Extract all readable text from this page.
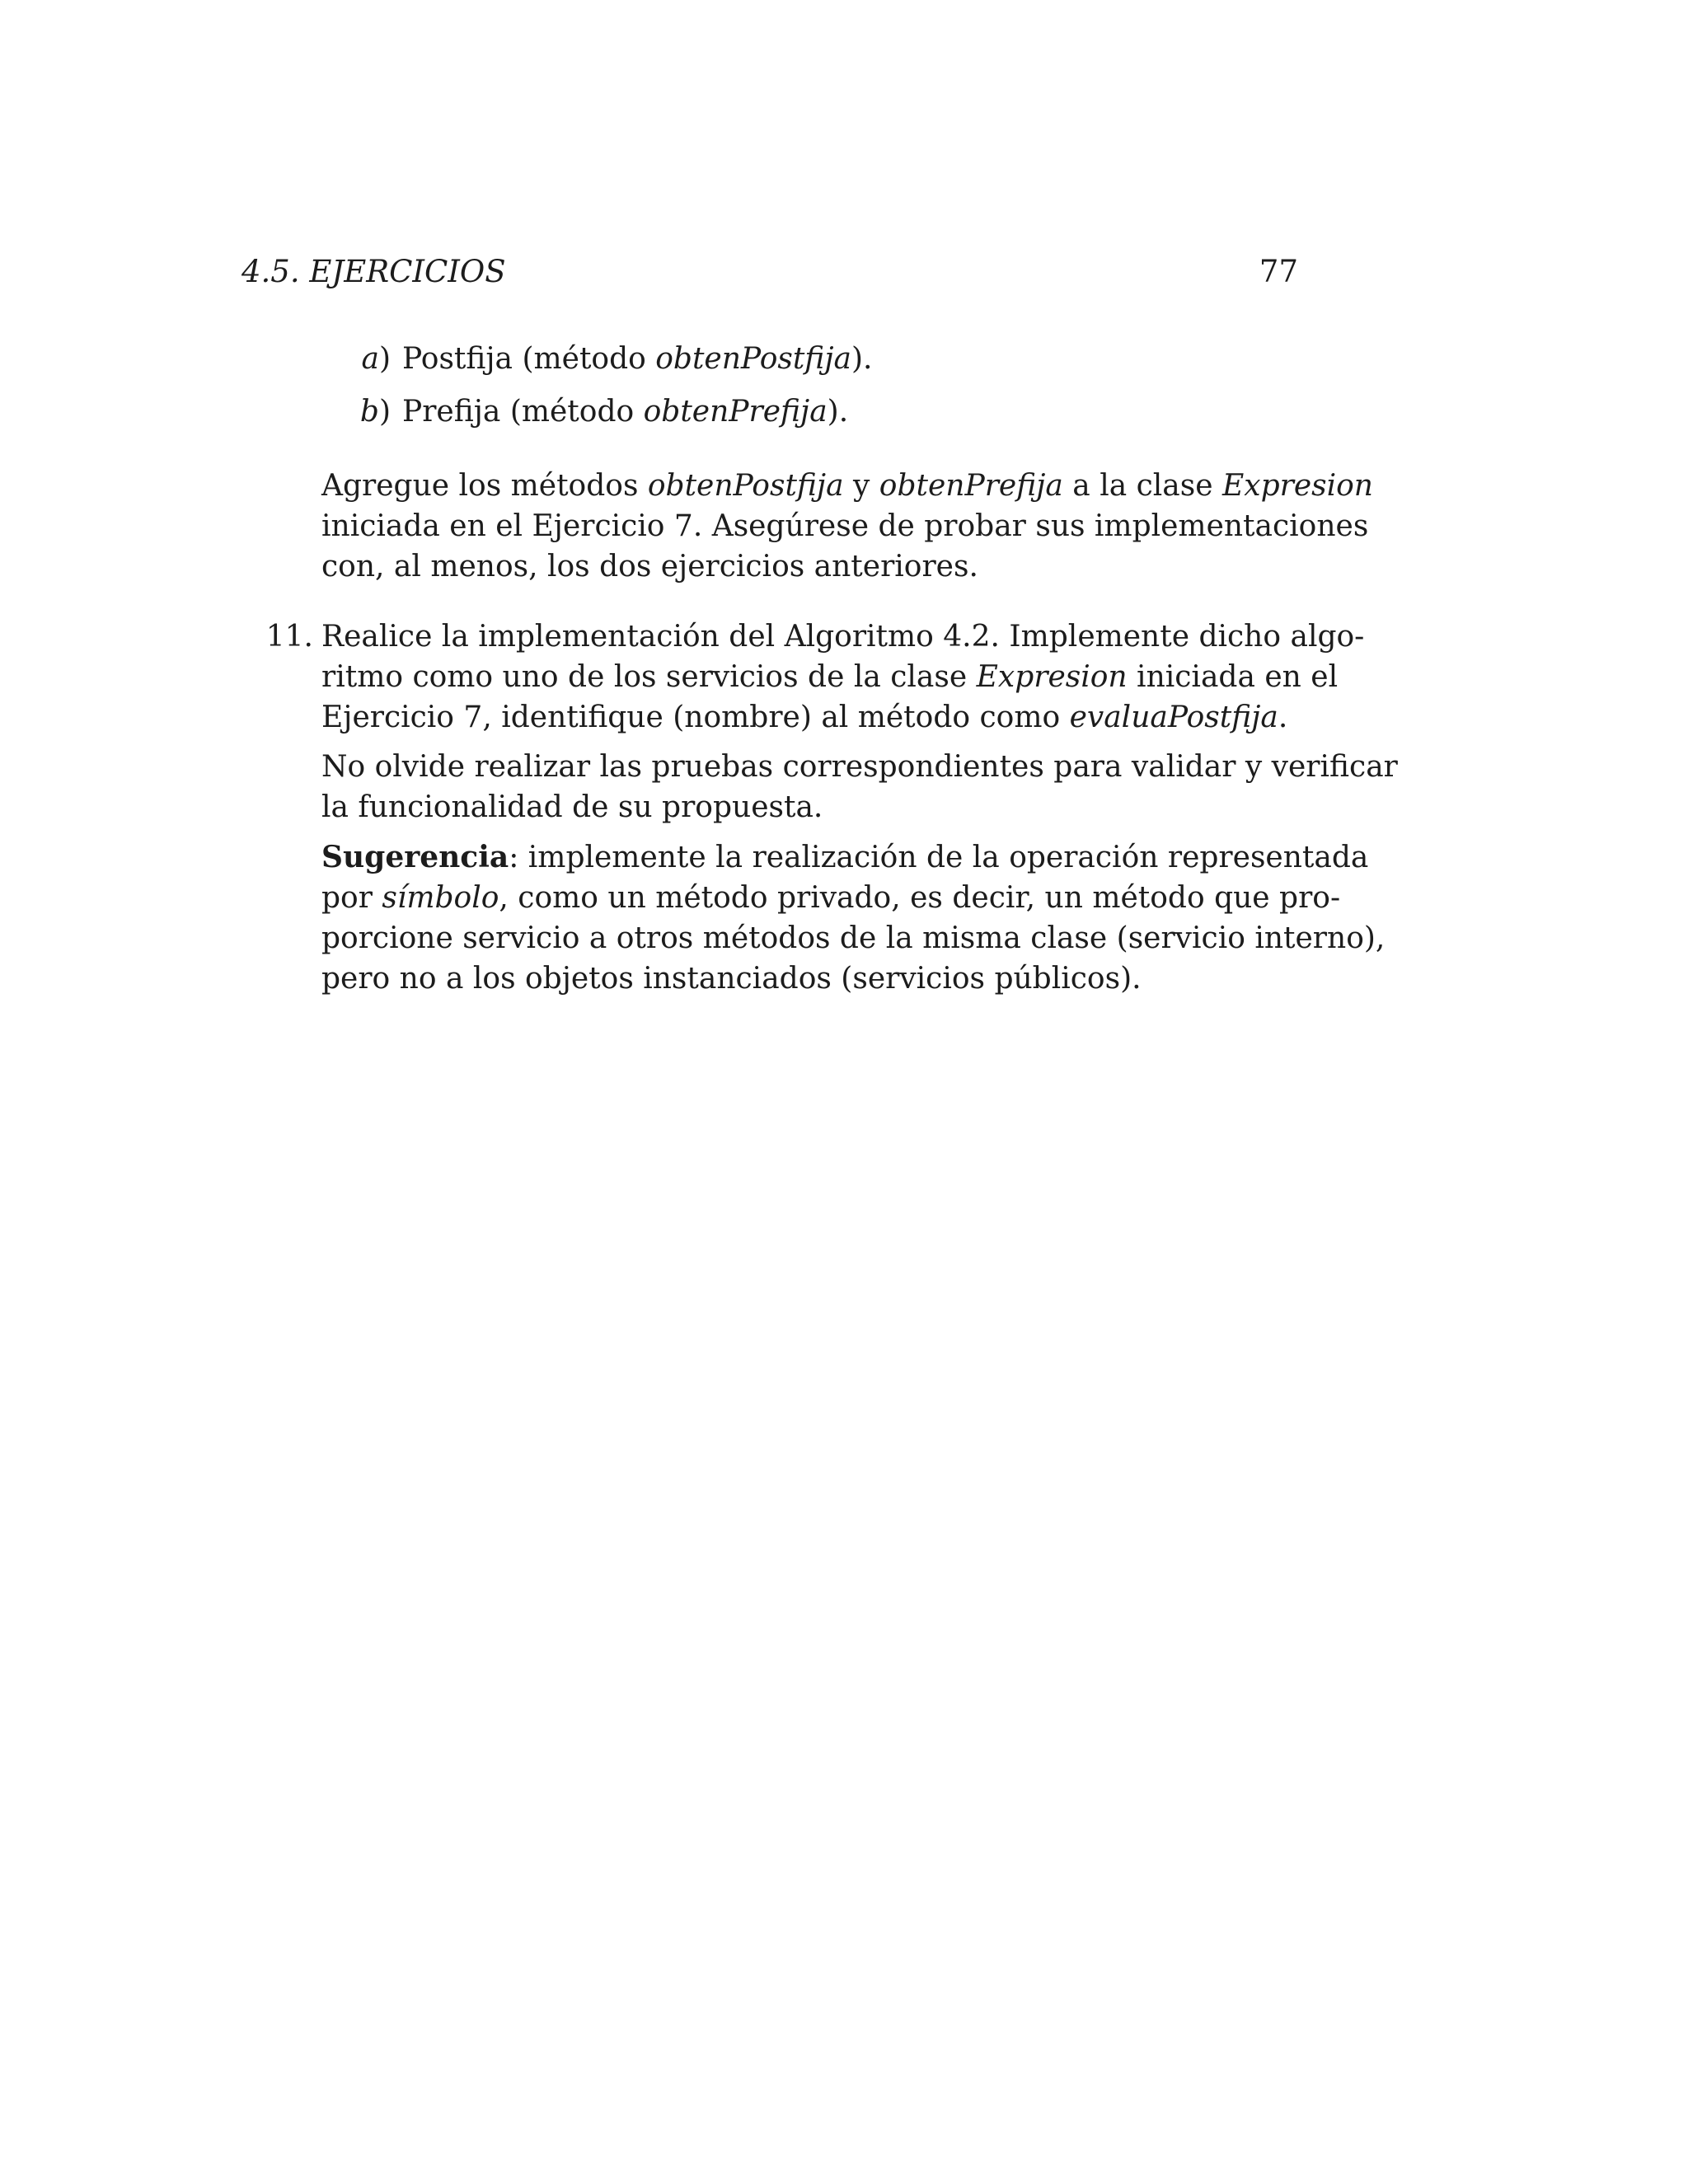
4.5. EJERCICIOS	77
a) Postfija (método obtenPostfija).
b) Prefija (método obtenPrefija).
Agregue los métodos obtenPostfija y obtenPrefija a la clase Expresion
iniciada en el Ejercicio 7. Asegúrese de probar sus implementaciones
con, al menos, los dos ejercicios anteriores.
11. Realice la implementación del Algoritmo 4.2. Implemente dicho algo-
ritmo como uno de los servicios de la clase Expresion iniciada en el
Ejercicio 7, identifique (nombre) al método como evaluaPostfija.
No olvide realizar las pruebas correspondientes para validar y verificar
la funcionalidad de su propuesta.
Sugerencia: implemente la realización de la operación representada
por símbolo, como un método privado, es decir, un método que pro-
porcione servicio a otros métodos de la misma clase (servicio interno),
pero no a los objetos instanciados (servicios públicos).
